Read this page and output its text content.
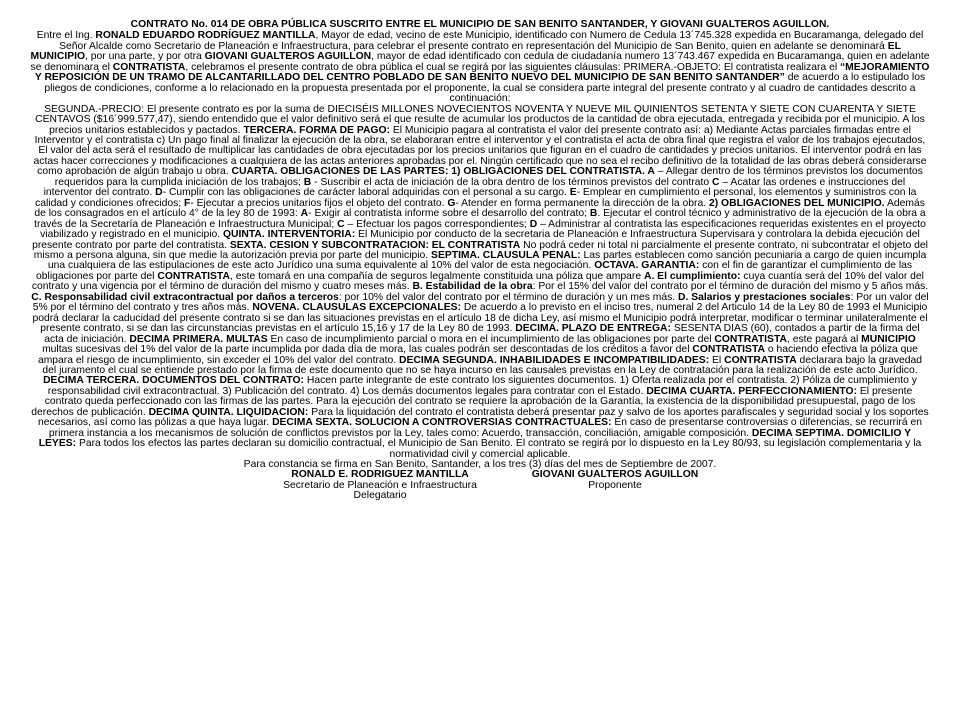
CONTRATO No. 014 DE OBRA PÚBLICA SUSCRITO ENTRE EL MUNICIPIO DE SAN BENITO SANTANDER, Y GIOVANI GUALTEROS AGUILLON.

Entre el Ing. RONALD EDUARDO RODRÍGUEZ MANTILLA, Mayor de edad, vecino de este Municipio, identificado con Numero de Cedula 13´745.328 expedida en Bucaramanga, delegado del Señor Alcalde como Secretario de Planeación e Infraestructura, para celebrar el presente contrato en representación del Municipio de San Benito, quien en adelante se denominará EL MUNICIPIO, por una parte, y por otra GIOVANI GUALTEROS AGUILLON, mayor de edad identificado con cedula de ciudadanía numero 13´743.467 expedida en Bucaramanga, quien en adelante se denominara el CONTRATISTA, celebramos el presente contrato de obra pública el cual se regirá por las siguientes cláusulas: PRIMERA.-OBJETO: El contratista realizara el “MEJORAMIENTO Y REPOSICIÓN DE UN TRAMO DE ALCANTARILLADO DEL CENTRO POBLADO DE SAN BENITO NUEVO DEL MUNICIPIO DE SAN BENITO SANTANDER” de acuerdo a lo estipulado los pliegos de condiciones, conforme a lo relacionado en la propuesta presentada por el proponente, la cual se considera parte integral del presente contrato y al cuadro de cantidades descrito a continuación:

SEGUNDA.-PRECIO: El presente contrato es por la suma de DIECISÉIS MILLONES NOVECIENTOS NOVENTA Y NUEVE MIL QUINIENTOS SETENTA Y SIETE CON CUARENTA Y SIETE CENTAVOS ($16´999.577,47), siendo entendido que el valor definitivo será el que resulte de acumular los productos de la cantidad de obra ejecutada, entregada y recibida por el municipio. A los precios unitarios establecidos y pactados. TERCERA. FORMA DE PAGO: El Municipio pagara al contratista el valor del presente contrato así: a) Mediante Actas parciales firmadas entre el Interventor y el contratista c) Un pago final al finalizar la ejecución de la obra, se elaboraran entre el interventor y el contratista el acta de obra final que registra el valor de los trabajos ejecutados, El valor del acta será el resultado de multiplicar las cantidades de obra ejecutadas por los precios unitarios que figuran en el cuadro de cantidades y precios unitarios. El interventor podrá en las actas hacer correcciones y modificaciones a cualquiera de las actas anteriores aprobadas por el. Ningún certificado que no sea el recibo definitivo de la totalidad de las obras deberá considerarse como aprobación de algún trabajo u obra. CUARTA. OBLIGACIONES DE LAS PARTES: 1) OBLIGACIONES DEL CONTRATISTA. A – Allegar dentro de los términos previstos los documentos requeridos para la cumplida iniciación de los trabajos; B - Suscribir el acta de iniciación de la obra dentro de los términos previstos del contrato C – Acatar las ordenes e instrucciones del interventor del contrato. D- Cumplir con las obligaciones de carácter laboral adquiridas con el personal a su cargo. E- Emplear en cumplimiento el personal, los elementos y suministros con la calidad y condiciones ofrecidos; F- Ejecutar a precios unitarios fijos el objeto del contrato. G- Atender en forma permanente la dirección de la obra. 2) OBLIGACIONES DEL MUNICIPIO. Además de los consagrados en el artículo 4° de la ley 80 de 1993: A- Exigir al contratista informe sobre el desarrollo del contrato; B. Ejecutar el control técnico y administrativo de la ejecución de la obra a través de la Secretaría de Planeación e Infraestructura Municipal; C – Efectuar los pagos correspondientes; D – Administrar al contratista las especificaciones requeridas existentes en el proyecto viabilizado y registrado en el municipio. QUINTA. INTERVENTORIA: El Municipio por conducto de la secretaria de Planeación e Infraestructura Supervisara y controlara la debida ejecución del presente contrato por parte del contratista. SEXTA. CESION Y SUBCONTRATACION: EL CONTRATISTA No podrá ceder ni total ni parcialmente el presente contrato, ni subcontratar el objeto del mismo a persona alguna, sin que medie la autorización previa por parte del municipio. SEPTIMA. CLAUSULA PENAL: Las partes establecen como sanción pecuniaria a cargo de quien incumpla una cualquiera de las estipulaciones de este acto Jurídico una suma equivalente al 10% del valor de esta negociación. OCTAVA. GARANTIA: con el fin de garantizar el cumplimiento de las obligaciones por parte del CONTRATISTA, este tomará en una compañía de seguros legalmente constituida una póliza que ampare A. El cumplimiento: cuya cuantía será del 10% del valor del contrato y una vigencia por el término de duración del mismo y cuatro meses más. B. Estabilidad de la obra: Por el 15% del valor del contrato por el término de duración del mismo y 5 años más. C. Responsabilidad civil extracontractual por daños a terceros: por 10% del valor del contrato por el término de duración y un mes más. D. Salarios y prestaciones sociales: Por un valor del 5% por el término del contrato y tres años más. NOVENA. CLAUSULAS EXCEPCIONALES: De acuerdo a lo previsto en el inciso tres, numeral 2 del Articulo 14 de la Ley 80 de 1993 el Municipio podrá declarar la caducidad del presente contrato si se dan las situaciones previstas en el artículo 18 de dicha Ley, así mismo el Municipio podrá interpretar, modificar o terminar unilateralmente el presente contrato, si se dan las circunstancias previstas en el artículo 15,16 y 17 de la Ley 80 de 1993. DECIMA. PLAZO DE ENTREGA: SESENTA DIAS (60), contados a partir de la firma del acta de iniciación. DECIMA PRIMERA. MULTAS En caso de incumplimiento parcial o mora en el incumplimiento de las obligaciones por parte del CONTRATISTA, este pagará al MUNICIPIO multas sucesivas del 1% del valor de la parte incumplida por dada día de mora, las cuales podrán ser descontadas de los créditos a favor del CONTRATISTA o haciendo efectiva la póliza que ampara el riesgo de incumplimiento, sin exceder el 10% del valor del contrato. DECIMA SEGUNDA. INHABILIDADES E INCOMPATIBILIDADES: El CONTRATISTA declarara bajo la gravedad del juramento el cual se entiende prestado por la firma de este documento que no se haya incurso en las causales previstas en la Ley de contratación para la realización de este acto Jurídico. DECIMA TERCERA. DOCUMENTOS DEL CONTRATO: Hacen parte integrante de este contrato los siguientes documentos. 1) Oferta realizada por el contratista. 2) Póliza de cumplimiento y responsabilidad civil extracontractual. 3) Publicación del contrato. 4) Los demás documentos legales para contratar con el Estado. DECIMA CUARTA. PERFECCIONAMIENTO: El presente contrato queda perfeccionado con las firmas de las partes. Para la ejecución del contrato se requiere la aprobación de la Garantía, la existencia de la disponibilidad presupuestal, pago de los derechos de publicación. DECIMA QUINTA. LIQUIDACION: Para la liquidación del contrato el contratista deberá presentar paz y salvo de los aportes parafiscales y seguridad social y los soportes necesarios, así como las pólizas a que haya lugar. DECIMA SEXTA. SOLUCION A CONTROVERSIAS CONTRACTUALES: En caso de presentarse controversias o diferencias, se recurrirá en primera instancia a los mecanismos de solución de conflictos previstos por la Ley, tales como: Acuerdo, transacción, conciliación, amigable composición. DECIMA SEPTIMA. DOMICILIO Y LEYES: Para todos los efectos las partes declaran su domicilio contractual, el Municipio de San Benito. El contrato se regirá por lo dispuesto en la Ley 80/93, su legislación complementaria y la normatividad civil y comercial aplicable.

Para constancia se firma en San Benito, Santander, a los tres (3) días del mes de Septiembre de 2007.

RONALD E. RODRIGUEZ MANTILLA	GIOVANI GUALTEROS AGUILLON
Secretario de Planeación e Infraestructura	Proponente
Delegatario
